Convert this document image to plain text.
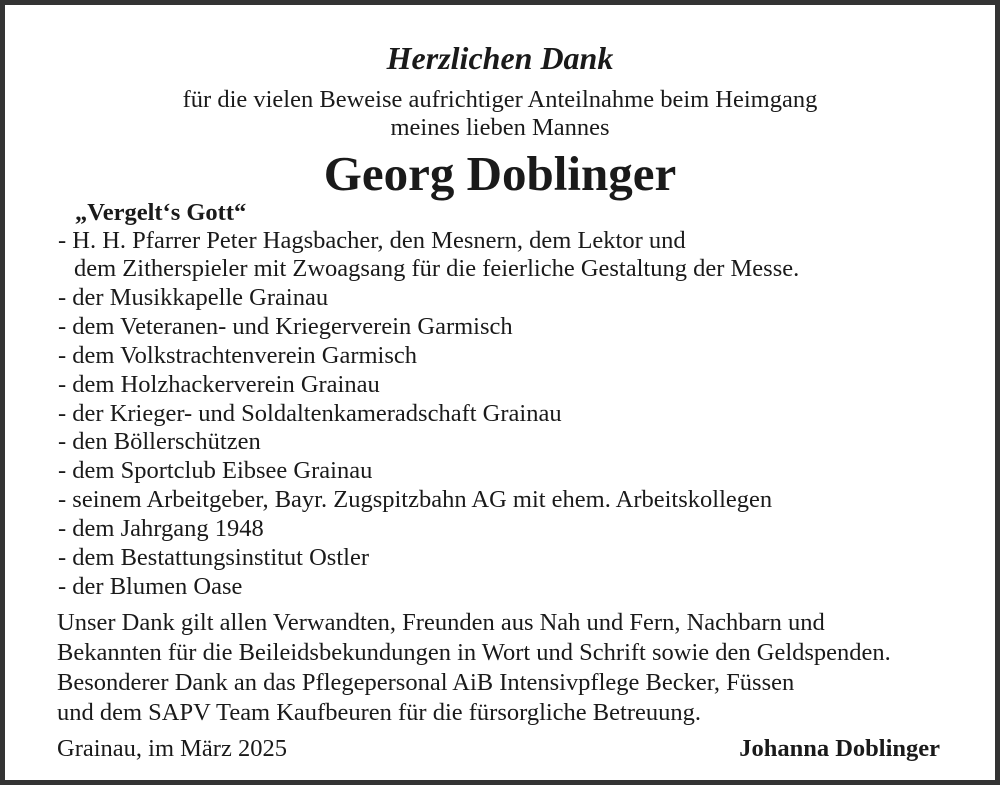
Herzlichen Dank
für die vielen Beweise aufrichtiger Anteilnahme beim Heimgang
meines lieben Mannes
Georg Doblinger
„Vergelt‘s Gott“
- H. H. Pfarrer Peter Hagsbacher, den Mesnern, dem Lektor und
dem Zitherspieler mit Zwoagsang für die feierliche Gestaltung der Messe.
- der Musikkapelle Grainau
- dem Veteranen- und Kriegerverein Garmisch
- dem Volkstrachtenverein Garmisch
- dem Holzhackerverein Grainau
- der Krieger- und Soldaltenkameradschaft Grainau
- den Böllerschützen
- dem Sportclub Eibsee Grainau
- seinem Arbeitgeber, Bayr. Zugspitzbahn AG mit ehem. Arbeitskollegen
- dem Jahrgang 1948
- dem Bestattungsinstitut Ostler
- der Blumen Oase
Unser Dank gilt allen Verwandten, Freunden aus Nah und Fern, Nachbarn und
Bekannten für die Beileidsbekundungen in Wort und Schrift sowie den Geldspenden.
Besonderer Dank an das Pflegepersonal AiB Intensivpflege Becker, Füssen
und dem SAPV Team Kaufbeuren für die fürsorgliche Betreuung.
Grainau, im März 2025	Johanna Doblinger
